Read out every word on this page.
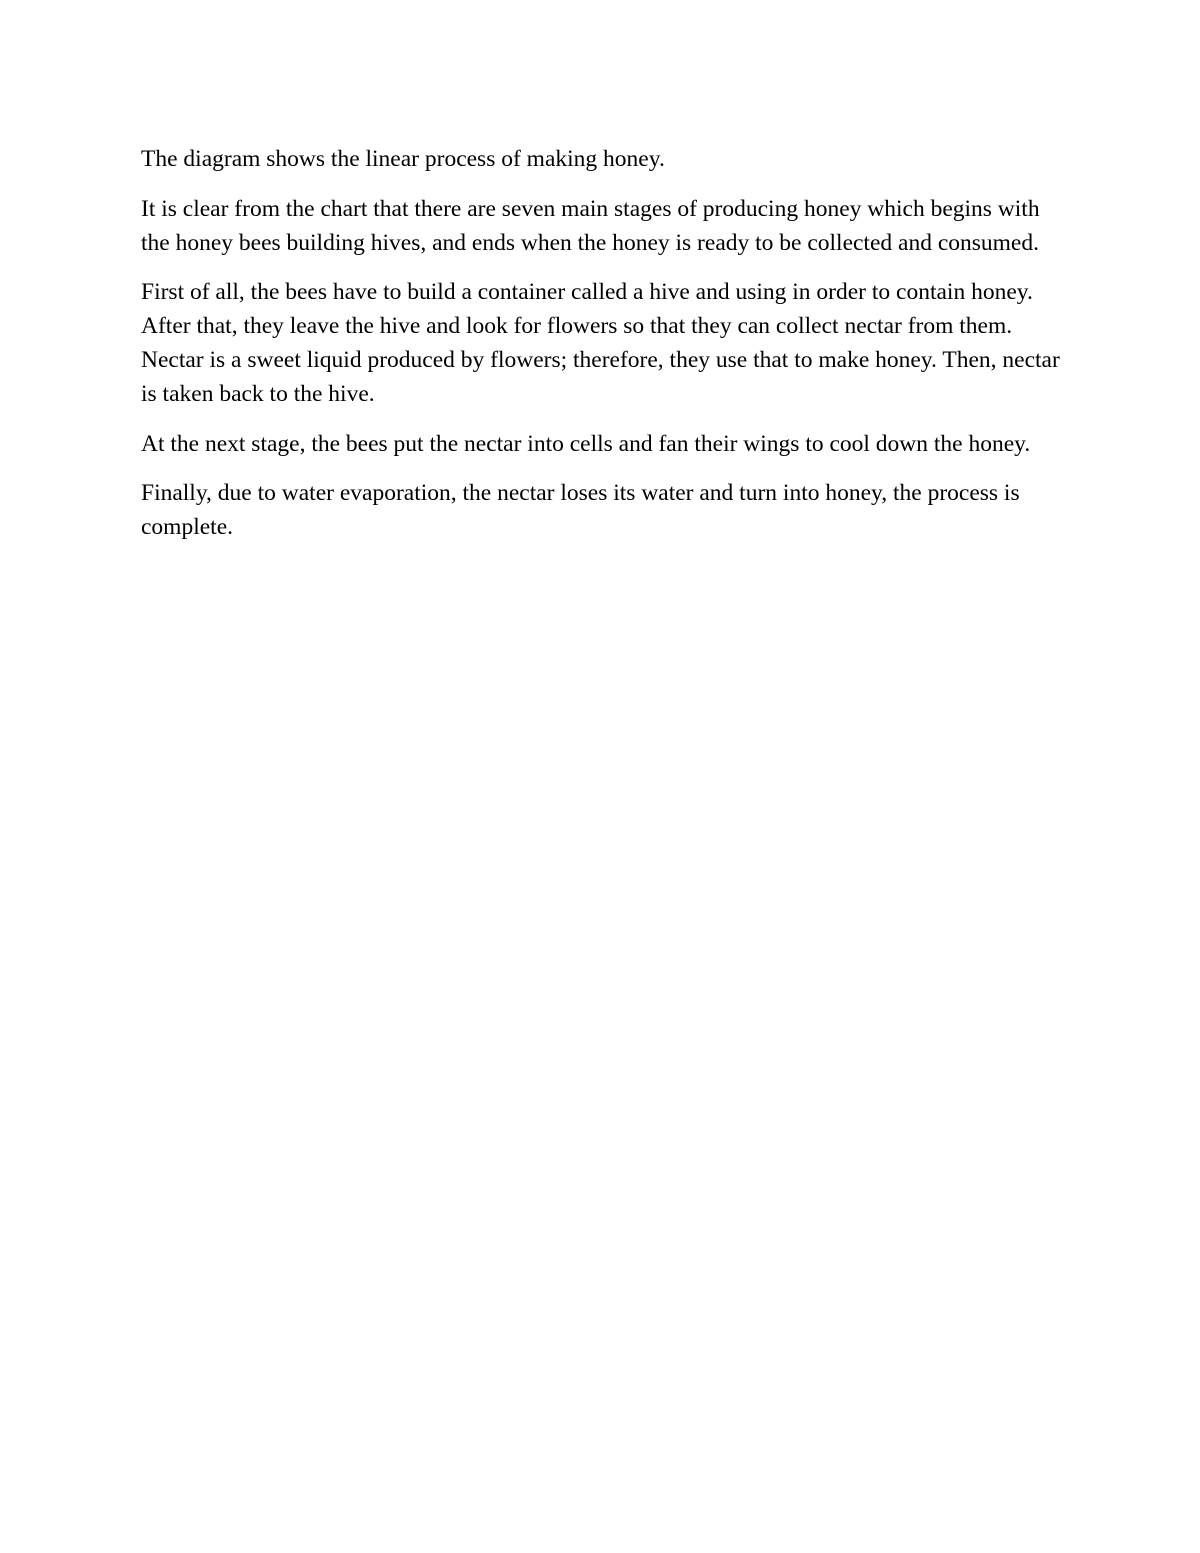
The diagram shows the linear process of making honey.

It is clear from the chart that there are seven main stages of producing honey which begins with the honey bees building hives, and ends when the honey is ready to be collected and consumed.

First of all, the bees have to build a container called a hive and using in order to contain honey. After that, they leave the hive and look for flowers so that they can collect nectar from them. Nectar is a sweet liquid produced by flowers; therefore, they use that to make honey. Then, nectar is taken back to the hive.

At the next stage, the bees put the nectar into cells and fan their wings to cool down the honey.

Finally, due to water evaporation, the nectar loses its water and turn into honey, the process is complete.
